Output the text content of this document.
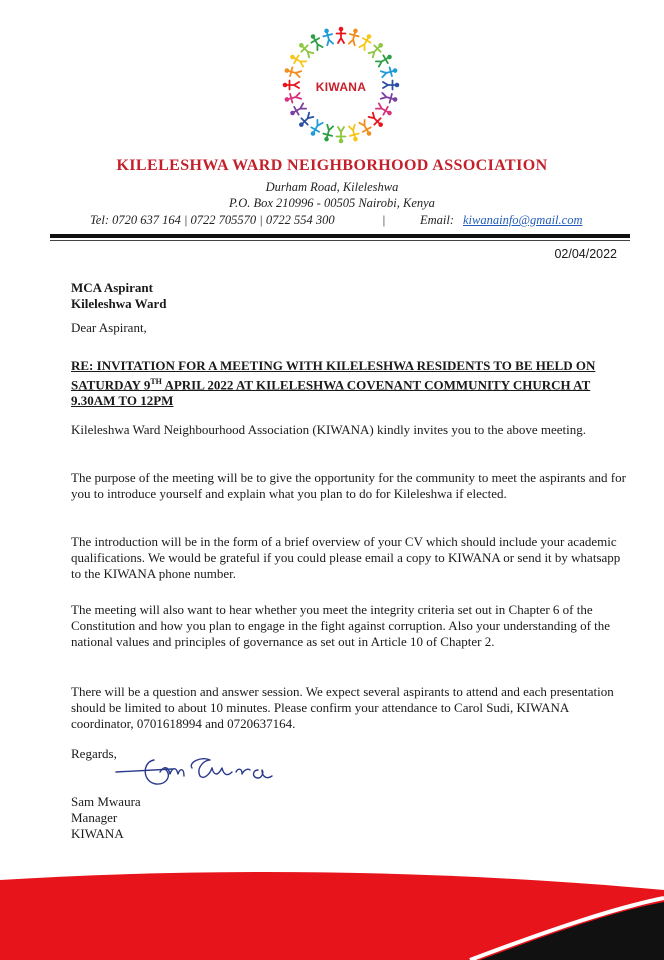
KIWANA
KILELESHWA WARD NEIGHBORHOOD ASSOCIATION
Durham Road, Kileleshwa
P.O. Box 210996 - 00505 Nairobi, Kenya
Tel: 0720 637 164 | 0722 705570 | 0722 554 300	|	Email: kiwanainfo@gmail.com
02/04/2022
MCA Aspirant
Kileleshwa Ward
Dear Aspirant,
RE: INVITATION FOR A MEETING WITH KILELESHWA RESIDENTS TO BE HELD ON SATURDAY 9TH APRIL 2022 AT KILELESHWA COVENANT COMMUNITY CHURCH AT 9.30AM TO 12PM

Kileleshwa Ward Neighbourhood Association (KIWANA) kindly invites you to the above meeting.

The purpose of the meeting will be to give the opportunity for the community to meet the aspirants and for you to introduce yourself and explain what you plan to do for Kileleshwa if elected.

The introduction will be in the form of a brief overview of your CV which should include your academic qualifications. We would be grateful if you could please email a copy to KIWANA or send it by whatsapp to the KIWANA phone number.

The meeting will also want to hear whether you meet the integrity criteria set out in Chapter 6 of the Constitution and how you plan to engage in the fight against corruption. Also your understanding of the national values and principles of governance as set out in Article 10 of Chapter 2.

There will be a question and answer session. We expect several aspirants to attend and each presentation should be limited to about 10 minutes. Please confirm your attendance to Carol Sudi, KIWANA coordinator, 0701618994 and 0720637164.

Regards,
Sam Mwaura
Manager
KIWANA
